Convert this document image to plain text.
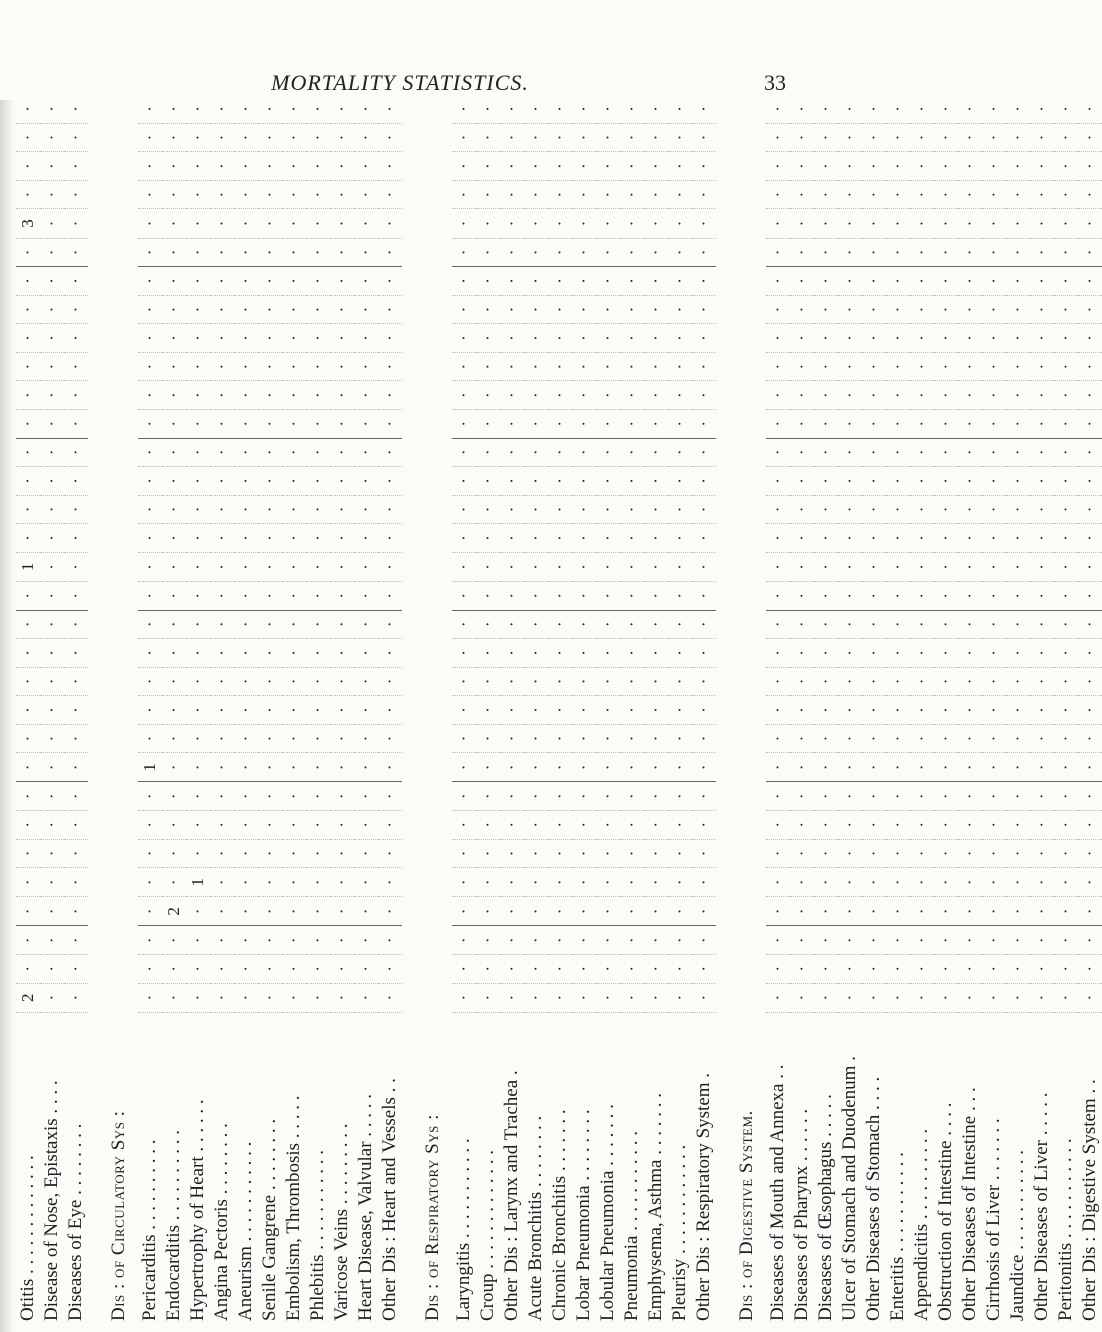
MORTALITY STATISTICS.	33
Otitis . . . . . . . . . . . . .	2	·	·	·	·	·	·	·	·	·	·	·	·	·	·	1	·	·	·	·	·	·	·	·	·	·	·	3	·	·	·	·
Disease of Nose, Epistaxis . . . .	·	·	·	·	·	·	·	·	·	·	·	·	·	·	·	·	·	·	·	·	·	·	·	·	·	·	·	·	·	·	·	·
Diseases of Eye . . . . . . . .	·	·	·	·	·	·	·	·	·	·	·	·	·	·	·	·	·	·	·	·	·	·	·	·	·	·	·	·	·	·	·	·
Dis : of Circulatory Sys :																																
Pericarditis . . . . . . . . . .	·	·	·	·	·	·	·	·	1	·	·	·	·	·	·	·	·	·	·	·	·	·	·	·	·	·	·	·	·	·	·	·
Endocarditis . . . . . . . . . .	·	·	·	2	·	·	·	·	·	·	·	·	·	·	·	·	·	·	·	·	·	·	·	·	·	·	·	·	·	·	·	·
Hypertrophy of Heart . . . . . .	·	·	·	·	1	·	·	·	·	·	·	·	·	·	·	·	·	·	·	·	·	·	·	·	·	·	·	·	·	·	·	·
Angina Pectoris . . . . . . . .	·	·	·	·	·	·	·	·	·	·	·	·	·	·	·	·	·	·	·	·	·	·	·	·	·	·	·	·	·	·	·	·
Aneurism . . . . . . . . . . .	·	·	·	·	·	·	·	·	·	·	·	·	·	·	·	·	·	·	·	·	·	·	·	·	·	·	·	·	·	·	·	·
Senile Gangrene . . . . . . . .	·	·	·	·	·	·	·	·	·	·	·	·	·	·	·	·	·	·	·	·	·	·	·	·	·	·	·	·	·	·	·	·
Embolism, Thrombosis . . . . .	·	·	·	·	·	·	·	·	·	·	·	·	·	·	·	·	·	·	·	·	·	·	·	·	·	·	·	·	·	·	·	·
Phlebitis . . . . . . . . . . .	·	·	·	·	·	·	·	·	·	·	·	·	·	·	·	·	·	·	·	·	·	·	·	·	·	·	·	·	·	·	·	·
Varicose Veins . . . . . . . . .	·	·	·	·	·	·	·	·	·	·	·	·	·	·	·	·	·	·	·	·	·	·	·	·	·	·	·	·	·	·	·	·
Heart Disease, Valvular . . . . .	·	·	·	·	·	·	·	·	·	·	·	·	·	·	·	·	·	·	·	·	·	·	·	·	·	·	·	·	·	·	·	·
Other Dis : Heart and Vessels . .	·	·	·	·	·	·	·	·	·	·	·	·	·	·	·	·	·	·	·	·	·	·	·	·	·	·	·	·	·	·	·	·
Dis : of Respiratory Sys :																																
Laryngitis . . . . . . . . . . .	·	·	·	·	·	·	·	·	·	·	·	·	·	·	·	·	·	·	·	·	·	·	·	·	·	·	·	·	·	·	·	·
Croup . . . . . . . . . . . . .	·	·	·	·	·	·	·	·	·	·	·	·	·	·	·	·	·	·	·	·	·	·	·	·	·	·	·	·	·	·	·	·
Other Dis : Larynx and Trachea .	·	·	·	·	·	·	·	·	·	·	·	·	·	·	·	·	·	·	·	·	·	·	·	·	·	·	·	·	·	·	·	·
Acute Bronchitis . . . . . . . .	·	·	·	·	·	·	·	·	·	·	·	·	·	·	·	·	·	·	·	·	·	·	·	·	·	·	·	·	·	·	·	·
Chronic Bronchitis . . . . . . .	·	·	·	·	·	·	·	·	·	·	·	·	·	·	·	·	·	·	·	·	·	·	·	·	·	·	·	·	·	·	·	·
Lobar Pneumonia . . . . . . . .	·	·	·	·	·	·	·	·	·	·	·	·	·	·	·	·	·	·	·	·	·	·	·	·	·	·	·	·	·	·	·	·
Lobular Pneumonia . . . . . . .	·	·	·	·	·	·	·	·	·	·	·	·	·	·	·	·	·	·	·	·	·	·	·	·	·	·	·	·	·	·	·	·
Pneumonia . . . . . . . . . . .	·	·	·	·	·	·	·	·	·	·	·	·	·	·	·	·	·	·	·	·	·	·	·	·	·	·	·	·	·	·	·	·
Emphysema, Asthma . . . . . . .	·	·	·	·	·	·	·	·	·	·	·	·	·	·	·	·	·	·	·	·	·	·	·	·	·	·	·	·	·	·	·	·
Pleurisy . . . . . . . . . . . .	·	·	·	·	·	·	·	·	·	·	·	·	·	·	·	·	·	·	·	·	·	·	·	·	·	·	·	·	·	·	·	·
Other Dis : Respiratory System .	·	·	·	·	·	·	·	·	·	·	·	·	·	·	·	·	·	·	·	·	·	·	·	·	·	·	·	·	·	·	·	·
Dis : of Digestive System.																																
Diseases of Mouth and Annexa . .	·	·	·	·	·	·	·	·	·	·	·	·	·	·	·	·	·	·	·	·	·	·	·	·	·	·	·	·	·	·	·	·
Diseases of Pharynx . . . . . .	·	·	·	·	·	·	·	·	·	·	·	·	·	·	·	·	·	·	·	·	·	·	·	·	·	·	·	·	·	·	·	·
Diseases of Œsophagus . . . . .	·	·	·	·	·	·	·	·	·	·	·	·	·	·	·	·	·	·	·	·	·	·	·	·	·	·	·	·	·	·	·	·
Ulcer of Stomach and Duodenum .	·	·	·	·	·	·	·	·	·	·	·	·	·	·	·	·	·	·	·	·	·	·	·	·	·	·	·	·	·	·	·	·
Other Diseases of Stomach . . . .	·	·	·	·	·	·	·	·	·	·	·	·	·	·	·	·	·	·	·	·	·	·	·	·	·	·	·	·	·	·	·	·
Enteritis . . . . . . . . . . .	·	·	·	·	·	·	·	·	·	·	·	·	·	·	·	·	·	·	·	·	·	·	·	·	·	·	·	·	·	·	·	·
Appendicitis . . . . . . . . . .	·	·	·	·	·	·	·	·	·	·	·	·	·	·	·	·	·	·	·	·	·	·	·	·	·	·	·	·	·	·	·	·
Obstruction of Intestine . . . .	·	·	·	·	·	·	·	·	·	·	·	·	·	·	·	·	·	·	·	·	·	·	·	·	·	·	·	·	·	·	·	·
Other Diseases of Intestine . . .	·	·	·	·	·	·	·	·	·	·	·	·	·	·	·	·	·	·	·	·	·	·	·	·	·	·	·	·	·	·	·	·
Cirrhosis of Liver . . . . . . .	·	·	·	·	·	·	·	·	·	·	·	·	·	·	·	·	·	·	·	·	·	·	·	·	·	·	·	·	·	·	·	·
Jaundice . . . . . . . . . . .	·	·	·	·	·	·	·	·	·	·	·	·	·	·	·	·	·	·	·	·	·	·	·	·	·	·	·	·	·	·	·	·
Other Diseases of Liver . . . . .	·	·	·	·	·	·	·	·	·	·	·	·	·	·	·	·	·	·	·	·	·	·	·	·	·	·	·	·	·	·	·	·
Peritonitis . . . . . . . . . . .	·	·	·	·	·	·	·	·	·	·	·	·	·	·	·	·	·	·	·	·	·	·	·	·	·	·	·	·	·	·	·	·
Other Dis : Digestive System . .	·	·	·	·	·	·	·	·	·	·	·	·	·	·	·	·	·	·	·	·	·	·	·	·	·	·	·	·	·	·	·	·
